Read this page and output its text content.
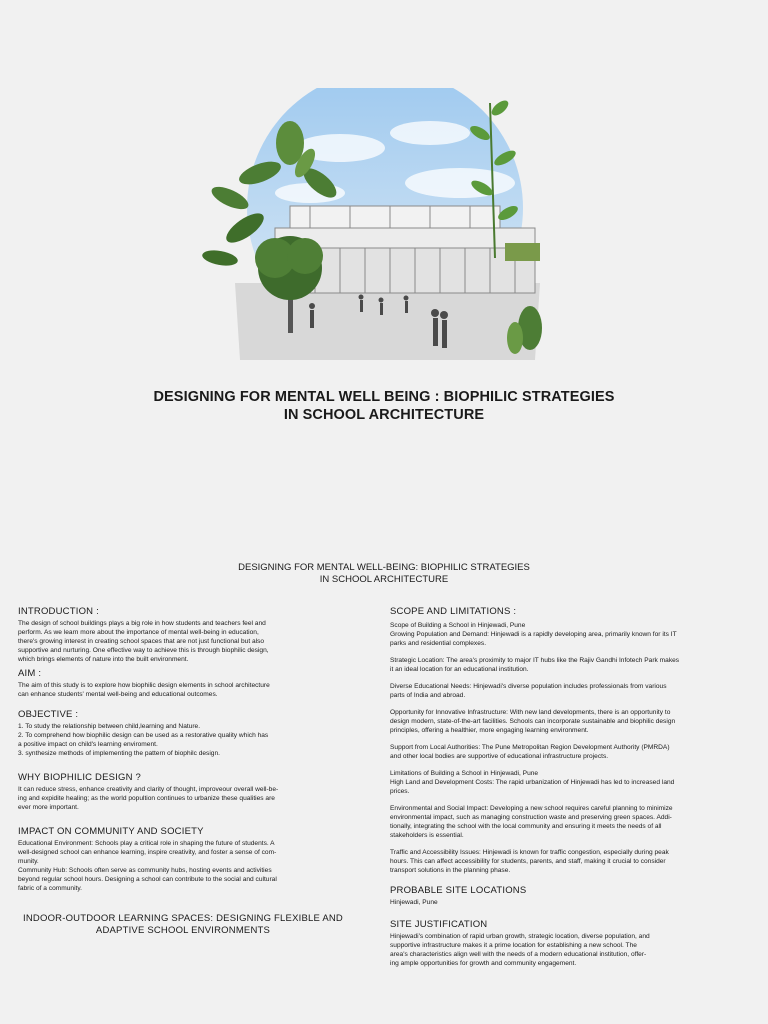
DESIGNING FOR MENTAL WELL BEING : BIOPHILIC STRATEGIES
IN SCHOOL ARCHITECTURE

DESIGNING FOR MENTAL WELL-BEING: BIOPHILIC STRATEGIES
IN SCHOOL ARCHITECTURE

INTRODUCTION :

The design of school buildings plays a big role in how students and teachers feel and
perform. As we learn more about the importance of mental well-being in education,
there's growing interest in creating school spaces that are not just functional but also
supportive and nurturing. One effective way to achieve this is through biophilic design,
which brings elements of nature into the built environment.

AIM :

The aim of this study is to explore how biophilic design elements in school architecture
can enhance students' mental well-being and educational outcomes.

OBJECTIVE :

1. To study the relationship between child,learning and Nature.
2. To comprehend how biophilic design can be used as a restorative quality which has
a positive impact on child's learning enviroment.
3. synthesize methods of implementing the pattern of biophilc design.

WHY BIOPHILIC DESIGN ?

It can reduce stress, enhance creativity and clarity of thought, improveour overall well-be-
ing and expidite healing; as the world popultion continues to urbanize these qualities are
ever more important.

IMPACT ON COMMUNITY AND SOCIETY

Educational Environment: Schools play a critical role in shaping the future of students. A
well-designed school can enhance learning, inspire creativity, and foster a sense of com-
munity.
Community Hub: Schools often serve as community hubs, hosting events and activities
beyond regular school hours. Designing a school can contribute to the social and cultural
fabric of a community.

INDOOR-OUTDOOR LEARNING SPACES: DESIGNING FLEXIBLE AND
ADAPTIVE SCHOOL ENVIRONMENTS

SCOPE AND LIMITATIONS :
Scope of Building a School in Hinjewadi, Pune
Growing Population and Demand: Hinjewadi is a rapidly developing area, primarily known for its IT
parks and residential complexes.
Strategic Location: The area's proximity to major IT hubs like the Rajiv Gandhi Infotech Park makes
it an ideal location for an educational institution.
Diverse Educational Needs: Hinjewadi's diverse population includes professionals from various
parts of India and abroad.
Opportunity for Innovative Infrastructure: With new land developments, there is an opportunity to
design modern, state-of-the-art facilities. Schools can incorporate sustainable and biophilic design
principles, offering a healthier, more engaging learning environment.
Support from Local Authorities: The Pune Metropolitan Region Development Authority (PMRDA)
and other local bodies are supportive of educational infrastructure projects.
Limitations of Building a School in Hinjewadi, Pune
High Land and Development Costs: The rapid urbanization of Hinjewadi has led to increased land
prices.
Environmental and Social Impact: Developing a new school requires careful planning to minimize
environmental impact, such as managing construction waste and preserving green spaces. Addi-
tionally, integrating the school with the local community and ensuring it meets the needs of all
stakeholders is essential.
Traffic and Accessibility Issues: Hinjewadi is known for traffic congestion, especially during peak
hours. This can affect accessibility for students, parents, and staff, making it crucial to consider
transport solutions in the planning phase.
PROBABLE SITE LOCATIONS

Hinjewadi, Pune

SITE JUSTIFICATION

Hinjewadi's combination of rapid urban growth, strategic location, diverse population, and
supportive infrastructure makes it a prime location for establishing a new school. The
area's characteristics align well with the needs of a modern educational institution, offer-
ing ample opportunities for growth and community engagement.
